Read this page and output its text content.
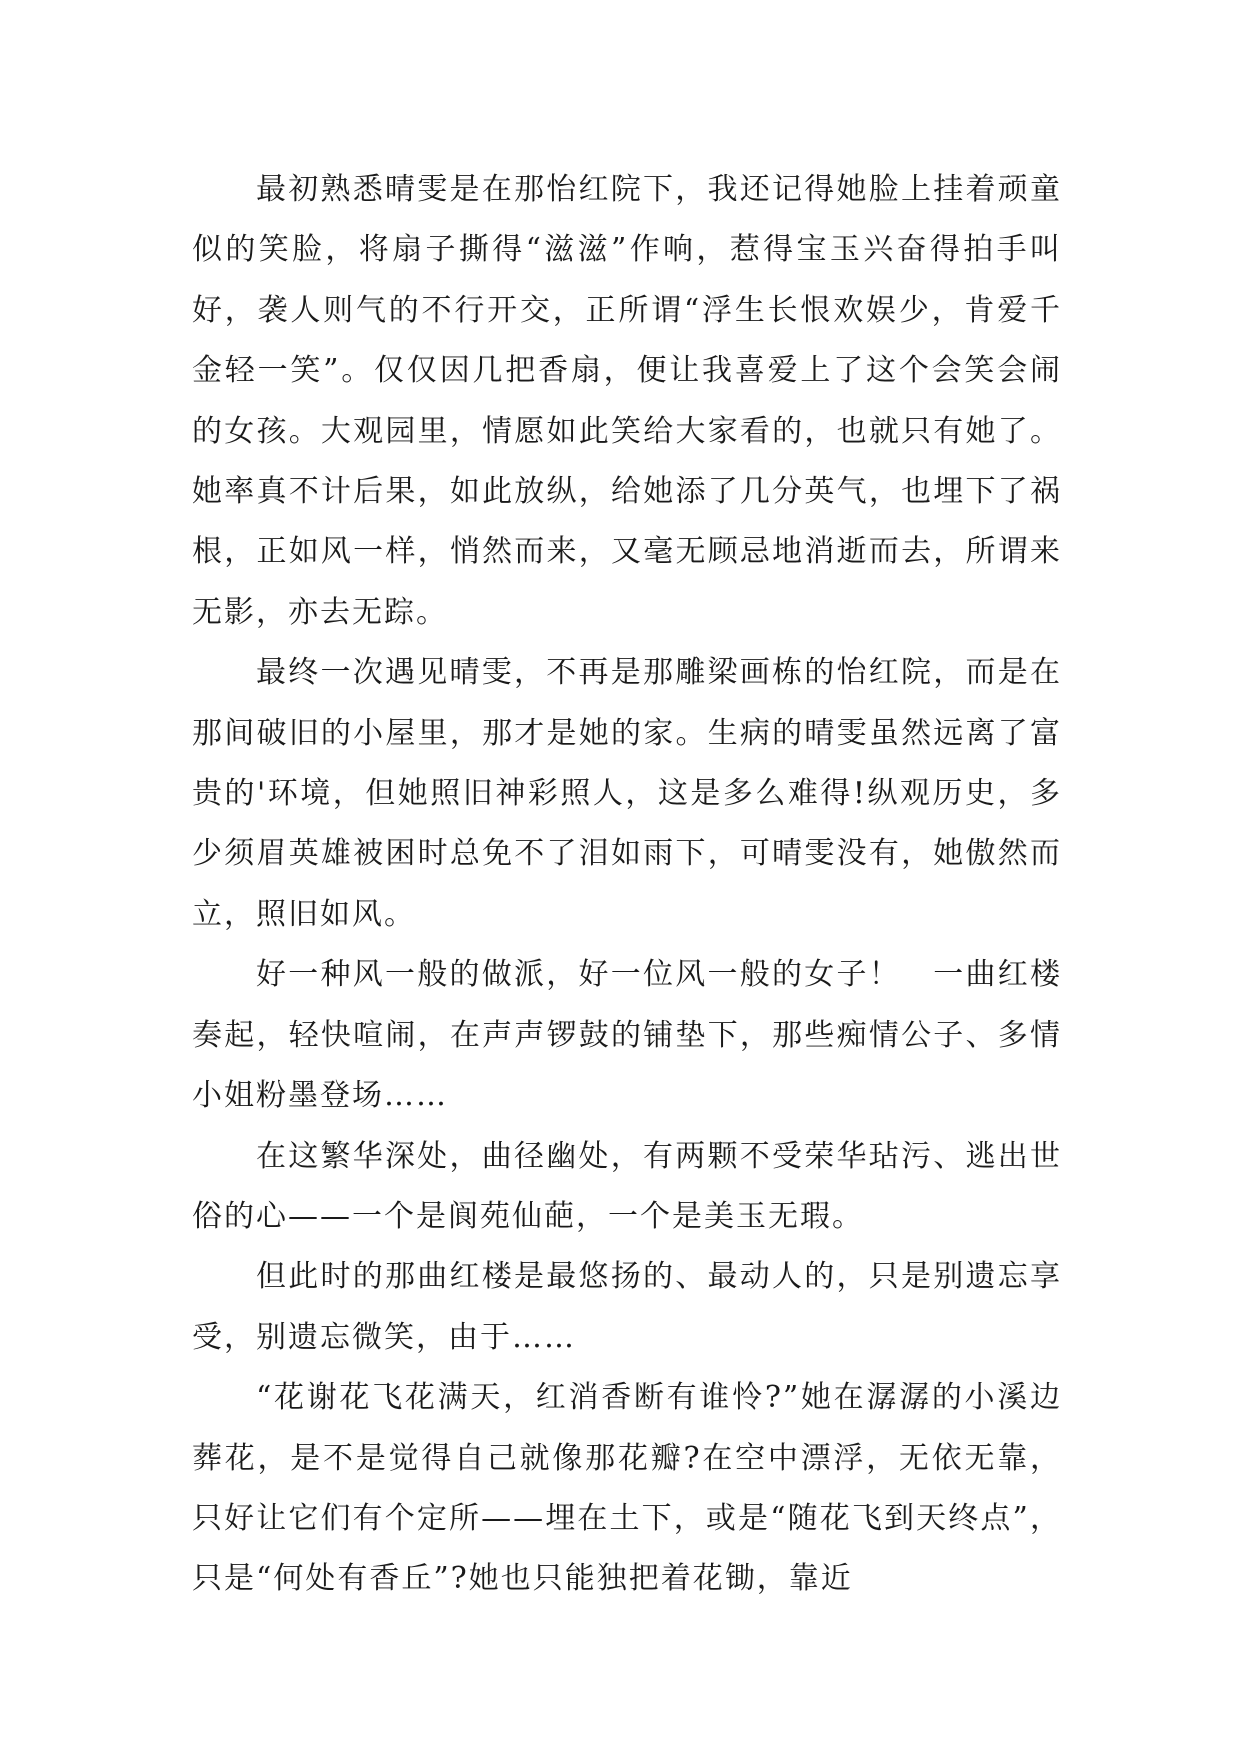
最初熟悉晴雯是在那怡红院下，我还记得她脸上挂着顽童似的笑脸，将扇子撕得“滋滋”作响，惹得宝玉兴奋得拍手叫好，袭人则气的不行开交，正所谓“浮生长恨欢娱少，肯爱千金轻一笑”。仅仅因几把香扇，便让我喜爱上了这个会笑会闹的女孩。大观园里，情愿如此笑给大家看的，也就只有她了。她率真不计后果，如此放纵，给她添了几分英气，也埋下了祸根，正如风一样，悄然而来，又毫无顾忌地消逝而去，所谓来无影，亦去无踪。

最终一次遇见晴雯，不再是那雕梁画栋的怡红院，而是在那间破旧的小屋里，那才是她的家。生病的晴雯虽然远离了富贵的'环境，但她照旧神彩照人，这是多么难得!纵观历史，多少须眉英雄被困时总免不了泪如雨下，可晴雯没有，她傲然而立，照旧如风。

好一种风一般的做派，好一位风一般的女子！　一曲红楼奏起，轻快喧闹，在声声锣鼓的铺垫下，那些痴情公子、多情小姐粉墨登场……

在这繁华深处，曲径幽处，有两颗不受荣华玷污、逃出世俗的心——一个是阆苑仙葩，一个是美玉无瑕。

但此时的那曲红楼是最悠扬的、最动人的，只是别遗忘享受，别遗忘微笑，由于……

“花谢花飞花满天，红消香断有谁怜?”她在潺潺的小溪边葬花，是不是觉得自己就像那花瓣?在空中漂浮，无依无靠，只好让它们有个定所——埋在土下，或是“随花飞到天终点”，只是“何处有香丘”?她也只能独把着花锄，靠近
